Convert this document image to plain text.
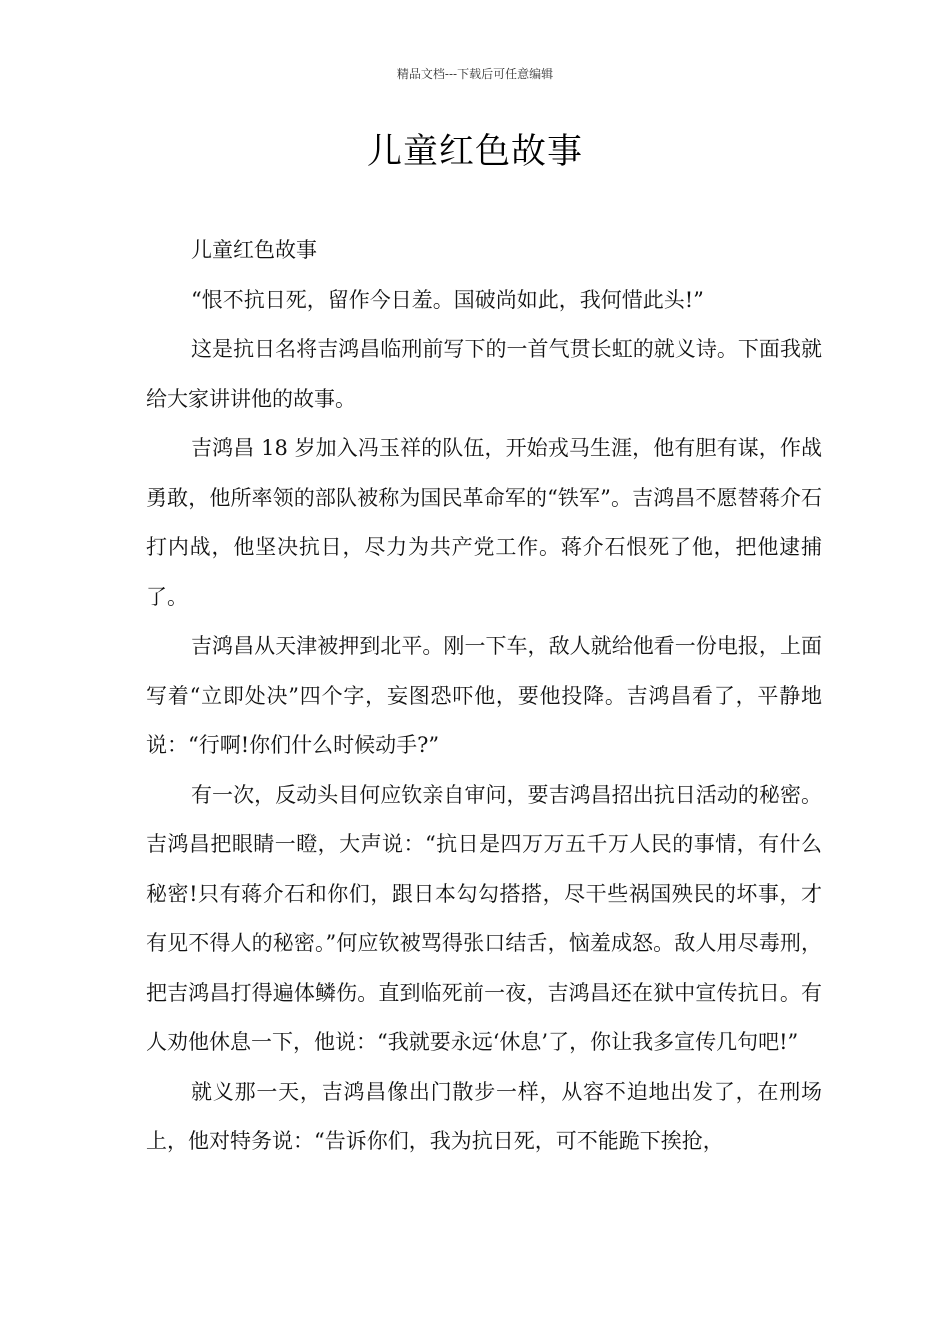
精品文档---下载后可任意编辑
儿童红色故事

儿童红色故事

“恨不抗日死，留作今日羞。国破尚如此，我何惜此头!”

这是抗日名将吉鸿昌临刑前写下的一首气贯长虹的就义诗。下面我就给大家讲讲他的故事。

吉鸿昌 18 岁加入冯玉祥的队伍，开始戎马生涯，他有胆有谋，作战勇敢，他所率领的部队被称为国民革命军的“铁军”。吉鸿昌不愿替蒋介石打内战，他坚决抗日，尽力为共产党工作。蒋介石恨死了他，把他逮捕了。

吉鸿昌从天津被押到北平。刚一下车，敌人就给他看一份电报，上面写着“立即处决”四个字，妄图恐吓他，要他投降。吉鸿昌看了，平静地说：“行啊!你们什么时候动手?”

有一次，反动头目何应钦亲自审问，要吉鸿昌招出抗日活动的秘密。吉鸿昌把眼睛一瞪，大声说：“抗日是四万万五千万人民的事情，有什么秘密!只有蒋介石和你们，跟日本勾勾搭搭，尽干些祸国殃民的坏事，才有见不得人的秘密。”何应钦被骂得张口结舌，恼羞成怒。敌人用尽毒刑，把吉鸿昌打得遍体鳞伤。直到临死前一夜，吉鸿昌还在狱中宣传抗日。有人劝他休息一下，他说：“我就要永远‘休息’了，你让我多宣传几句吧!”

就义那一天，吉鸿昌像出门散步一样，从容不迫地出发了，在刑场上，他对特务说：“告诉你们，我为抗日死，可不能跪下挨抢，
